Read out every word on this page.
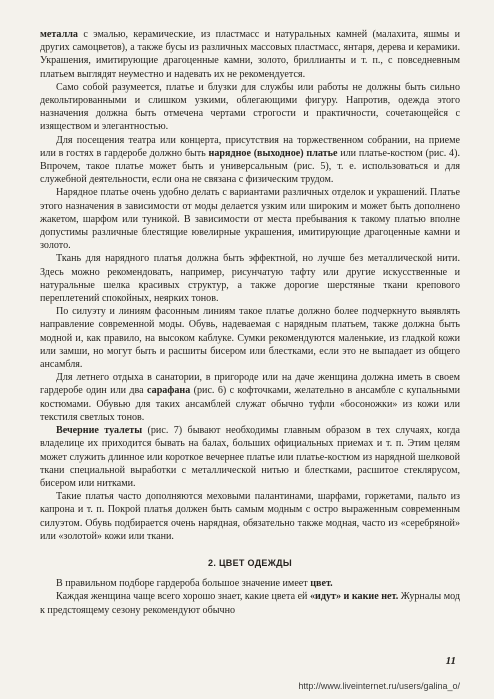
металла с эмалью, керамические, из пластмасс и натуральных камней (малахита, яшмы и других самоцветов), а также бусы из различных массовых пластмасс, янтаря, дерева и керамики. Украшения, имитирующие драгоценные камни, золото, бриллианты и т. п., с повседневным платьем выглядят неуместно и надевать их не рекомендуется.

Само собой разумеется, платье и блузки для службы или работы не должны быть сильно декольтированными и слишком узкими, облегающими фигуру. Напротив, одежда этого назначения должна быть отмечена чертами строгости и практичности, сочетающейся с изяществом и элегантностью.

Для посещения театра или концерта, присутствия на торжественном собрании, на приеме или в гостях в гардеробе должно быть нарядное (выходное) платье или платье-костюм (рис. 4). Впрочем, такое платье может быть и универсальным (рис. 5), т. е. использоваться и для служебной деятельности, если она не связана с физическим трудом.

Нарядное платье очень удобно делать с вариантами различных отделок и украшений. Платье этого назначения в зависимости от моды делается узким или широким и может быть дополнено жакетом, шарфом или туникой. В зависимости от места пребывания к такому платью вполне допустимы различные блестящие ювелирные украшения, имитирующие драгоценные камни и золото.

Ткань для нарядного платья должна быть эффектной, но лучше без металлической нити. Здесь можно рекомендовать, например, рисунчатую тафту или другие искусственные и натуральные шелка красивых структур, а также дорогие шерстяные ткани крепового переплетений спокойных, неярких тонов.

По силуэту и линиям фасонным линиям такое платье должно более подчеркнуто выявлять направление современной моды. Обувь, надеваемая с нарядным платьем, также должна быть модной и, как правило, на высоком каблуке. Сумки рекомендуются маленькие, из гладкой кожи или замши, но могут быть и расшиты бисером или блестками, если это не выпадает из общего ансамбля.

Для летнего отдыха в санатории, в пригороде или на даче женщина должна иметь в своем гардеробе один или два сарафана (рис. 6) с кофточками, желательно в ансамбле с купальными костюмами. Обувью для таких ансамблей служат обычно туфли «босоножки» из кожи или текстиля светлых тонов.

Вечерние туалеты (рис. 7) бывают необходимы главным образом в тех случаях, когда владелице их приходится бывать на балах, больших официальных приемах и т. п. Этим целям может служить длинное или короткое вечернее платье или платье-костюм из нарядной шелковой ткани специальной выработки с металлической нитью и блестками, расшитое стеклярусом, бисером или нитками.

Такие платья часто дополняются меховыми палантинами, шарфами, горжетами, пальто из капрона и т. п. Покрой платья должен быть самым модным с остро выраженным современным силуэтом. Обувь подбирается очень нарядная, обязательно также модная, часто из «серебряной» или «золотой» кожи или ткани.

2. ЦВЕТ ОДЕЖДЫ

В правильном подборе гардероба большое значение имеет цвет.

Каждая женщина чаще всего хорошо знает, какие цвета ей «идут» и какие нет. Журналы мод к предстоящему сезону рекомендуют обычно

11
http://www.liveinternet.ru/users/galina_o/
